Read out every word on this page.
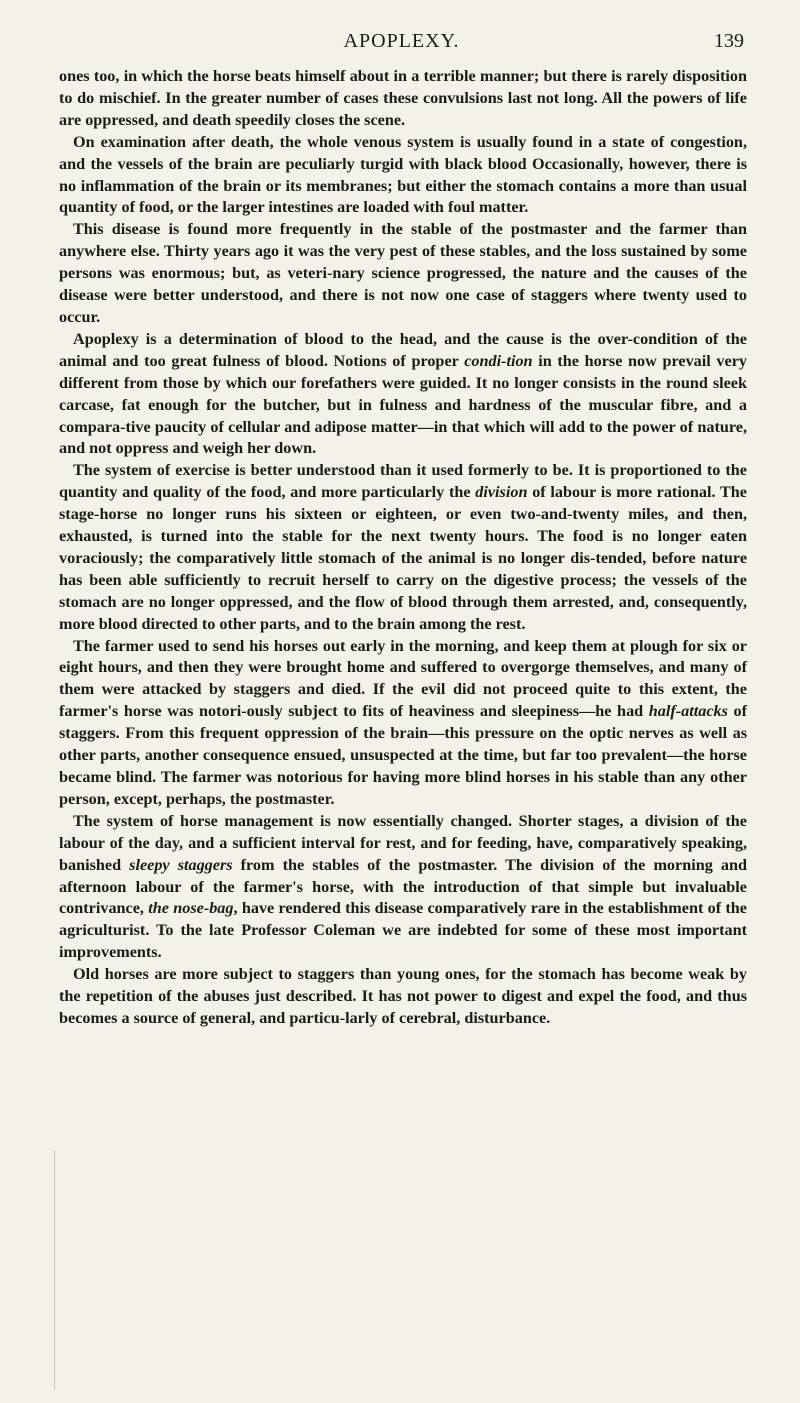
APOPLEXY.	139

ones too, in which the horse beats himself about in a terrible manner; but there is rarely disposition to do mischief. In the greater number of cases these convulsions last not long. All the powers of life are oppressed, and death speedily closes the scene.

On examination after death, the whole venous system is usually found in a state of congestion, and the vessels of the brain are peculiarly turgid with black blood Occasionally, however, there is no inflammation of the brain or its membranes; but either the stomach contains a more than usual quantity of food, or the larger intestines are loaded with foul matter.

This disease is found more frequently in the stable of the postmaster and the farmer than anywhere else. Thirty years ago it was the very pest of these stables, and the loss sustained by some persons was enormous; but, as veteri-nary science progressed, the nature and the causes of the disease were better understood, and there is not now one case of staggers where twenty used to occur.

Apoplexy is a determination of blood to the head, and the cause is the over-condition of the animal and too great fulness of blood. Notions of proper condi-tion in the horse now prevail very different from those by which our forefathers were guided. It no longer consists in the round sleek carcase, fat enough for the butcher, but in fulness and hardness of the muscular fibre, and a compara-tive paucity of cellular and adipose matter—in that which will add to the power of nature, and not oppress and weigh her down.

The system of exercise is better understood than it used formerly to be. It is proportioned to the quantity and quality of the food, and more particularly the division of labour is more rational. The stage-horse no longer runs his sixteen or eighteen, or even two-and-twenty miles, and then, exhausted, is turned into the stable for the next twenty hours. The food is no longer eaten voraciously; the comparatively little stomach of the animal is no longer dis-tended, before nature has been able sufficiently to recruit herself to carry on the digestive process; the vessels of the stomach are no longer oppressed, and the flow of blood through them arrested, and, consequently, more blood directed to other parts, and to the brain among the rest.

The farmer used to send his horses out early in the morning, and keep them at plough for six or eight hours, and then they were brought home and suffered to overgorge themselves, and many of them were attacked by staggers and died. If the evil did not proceed quite to this extent, the farmer's horse was notori-ously subject to fits of heaviness and sleepiness—he had half-attacks of staggers. From this frequent oppression of the brain—this pressure on the optic nerves as well as other parts, another consequence ensued, unsuspected at the time, but far too prevalent—the horse became blind. The farmer was notorious for having more blind horses in his stable than any other person, except, perhaps, the postmaster.

The system of horse management is now essentially changed. Shorter stages, a division of the labour of the day, and a sufficient interval for rest, and for feeding, have, comparatively speaking, banished sleepy staggers from the stables of the postmaster. The division of the morning and afternoon labour of the farmer's horse, with the introduction of that simple but invaluable contrivance, the nose-bag, have rendered this disease comparatively rare in the establishment of the agriculturist. To the late Professor Coleman we are indebted for some of these most important improvements.

Old horses are more subject to staggers than young ones, for the stomach has become weak by the repetition of the abuses just described. It has not power to digest and expel the food, and thus becomes a source of general, and particu-larly of cerebral, disturbance.
